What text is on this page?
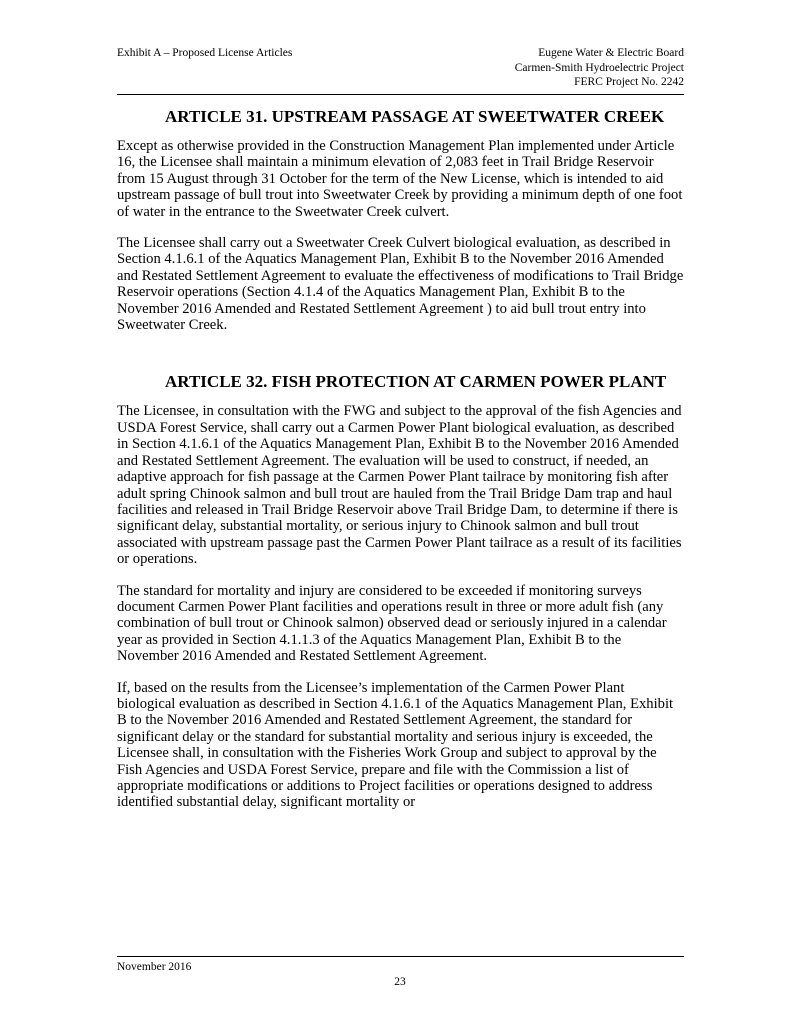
Exhibit A – Proposed License Articles	Eugene Water & Electric Board
Carmen-Smith Hydroelectric Project
FERC Project No. 2242
ARTICLE 31. UPSTREAM PASSAGE AT SWEETWATER CREEK

Except as otherwise provided in the Construction Management Plan implemented under Article 16, the Licensee shall maintain a minimum elevation of 2,083 feet in Trail Bridge Reservoir from 15 August through 31 October for the term of the New License, which is intended to aid upstream passage of bull trout into Sweetwater Creek by providing a minimum depth of one foot of water in the entrance to the Sweetwater Creek culvert.

The Licensee shall carry out a Sweetwater Creek Culvert biological evaluation, as described in Section 4.1.6.1 of the Aquatics Management Plan, Exhibit B to the November 2016 Amended and Restated Settlement Agreement to evaluate the effectiveness of modifications to Trail Bridge Reservoir operations (Section 4.1.4 of the Aquatics Management Plan, Exhibit B to the November 2016 Amended and Restated Settlement Agreement ) to aid bull trout entry into Sweetwater Creek.

ARTICLE 32. FISH PROTECTION AT CARMEN POWER PLANT

The Licensee, in consultation with the FWG and subject to the approval of the fish Agencies and USDA Forest Service, shall carry out a Carmen Power Plant biological evaluation, as described in Section 4.1.6.1 of the Aquatics Management Plan, Exhibit B to the November 2016 Amended and Restated Settlement Agreement. The evaluation will be used to construct, if needed, an adaptive approach for fish passage at the Carmen Power Plant tailrace by monitoring fish after adult spring Chinook salmon and bull trout are hauled from the Trail Bridge Dam trap and haul facilities and released in Trail Bridge Reservoir above Trail Bridge Dam, to determine if there is significant delay, substantial mortality, or serious injury to Chinook salmon and bull trout associated with upstream passage past the Carmen Power Plant tailrace as a result of its facilities or operations.

The standard for mortality and injury are considered to be exceeded if monitoring surveys document Carmen Power Plant facilities and operations result in three or more adult fish (any combination of bull trout or Chinook salmon) observed dead or seriously injured in a calendar year as provided in Section 4.1.1.3 of the Aquatics Management Plan, Exhibit B to the November 2016 Amended and Restated Settlement Agreement.

If, based on the results from the Licensee’s implementation of the Carmen Power Plant biological evaluation as described in Section 4.1.6.1 of the Aquatics Management Plan, Exhibit B to the November 2016 Amended and Restated Settlement Agreement, the standard for significant delay or the standard for substantial mortality and serious injury is exceeded, the Licensee shall, in consultation with the Fisheries Work Group and subject to approval by the Fish Agencies and USDA Forest Service, prepare and file with the Commission a list of appropriate modifications or additions to Project facilities or operations designed to address identified substantial delay, significant mortality or

November 2016
23
